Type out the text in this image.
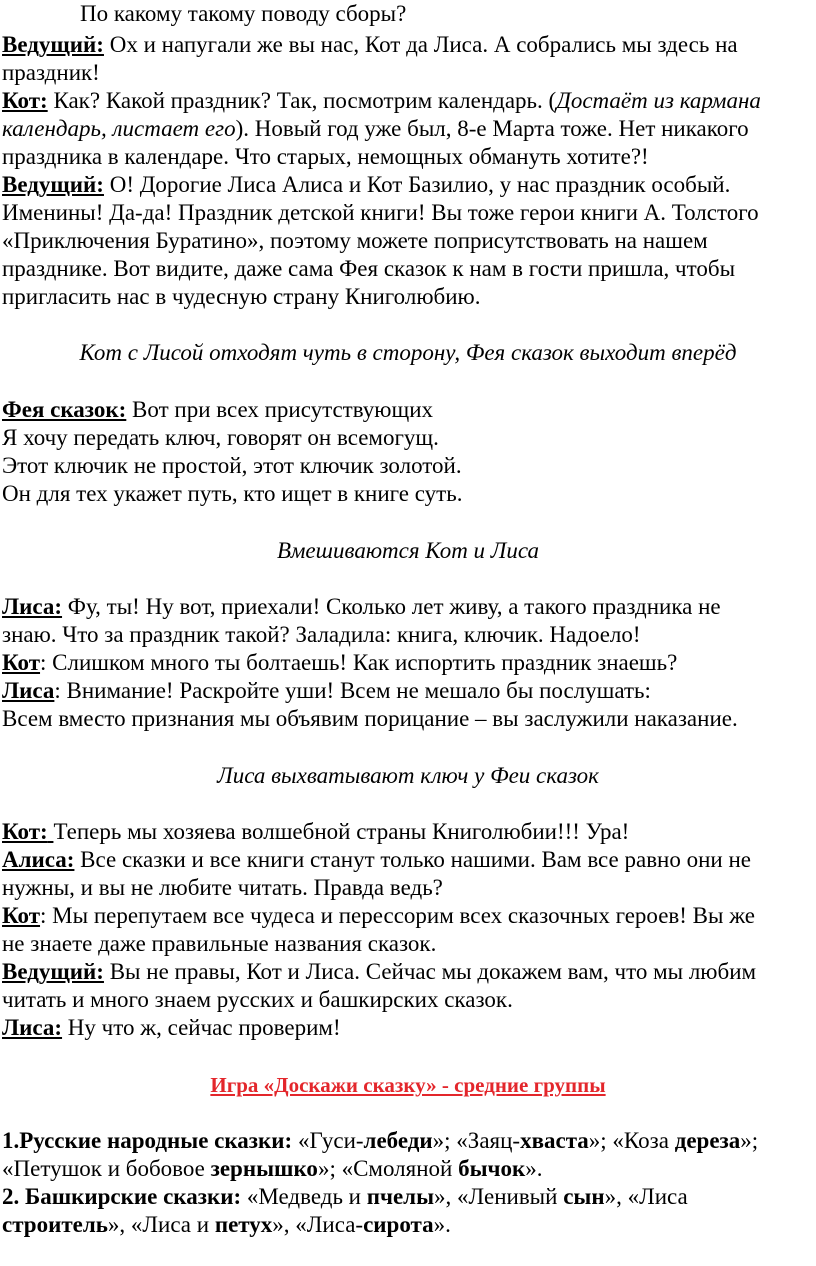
По какому такому поводу сборы?
Ведущий: Ох и напугали же вы нас, Кот да Лиса. А собрались мы здесь на
праздник!
Кот: Как? Какой праздник? Так, посмотрим календарь. (Достаёт из кармана
календарь, листает его). Новый год уже был, 8-е Марта тоже. Нет никакого
праздника в календаре. Что старых, немощных обмануть хотите?!
Ведущий: О! Дорогие Лиса Алиса и Кот Базилио, у нас праздник особый.
Именины! Да-да! Праздник детской книги! Вы тоже герои книги А. Толстого
«Приключения Буратино», поэтому можете поприсутствовать на нашем
празднике. Вот видите, даже сама Фея сказок к нам в гости пришла, чтобы
пригласить нас в чудесную страну Книголюбию.
Кот с Лисой отходят чуть в сторону, Фея сказок выходит вперёд
Фея сказок: Вот при всех присутствующих
Я хочу передать ключ, говорят он всемогущ.
Этот ключик не простой, этот ключик золотой.
Он для тех укажет путь, кто ищет в книге суть.
Вмешиваются Кот и Лиса
Лиса: Фу, ты! Ну вот, приехали! Сколько лет живу, а такого праздника не
знаю. Что за праздник такой? Заладила: книга, ключик. Надоело!
Кот: Слишком много ты болтаешь! Как испортить праздник знаешь?
Лиса: Внимание! Раскройте уши! Всем не мешало бы послушать:
Всем вместо признания мы объявим порицание – вы заслужили наказание.
Лиса выхватывают ключ у Феи сказок
Кот: Теперь мы хозяева волшебной страны Книголюбии!!! Ура!
Алиса: Все сказки и все книги станут только нашими. Вам все равно они не
нужны, и вы не любите читать. Правда ведь?
Кот: Мы перепутаем все чудеса и перессорим всех сказочных героев! Вы же
не знаете даже правильные названия сказок.
Ведущий: Вы не правы, Кот и Лиса. Сейчас мы докажем вам, что мы любим
читать и много знаем русских и башкирских сказок.
Лиса: Ну что ж, сейчас проверим!
Игра «Доскажи сказку» - средние группы
1.Русские народные сказки: «Гуси-лебеди»; «Заяц-хваста»; «Коза дереза»;
«Петушок и бобовое зернышко»; «Смоляной бычок».
2. Башкирские сказки: «Медведь и пчелы», «Ленивый сын», «Лиса
строитель», «Лиса и петух», «Лиса-сирота».
